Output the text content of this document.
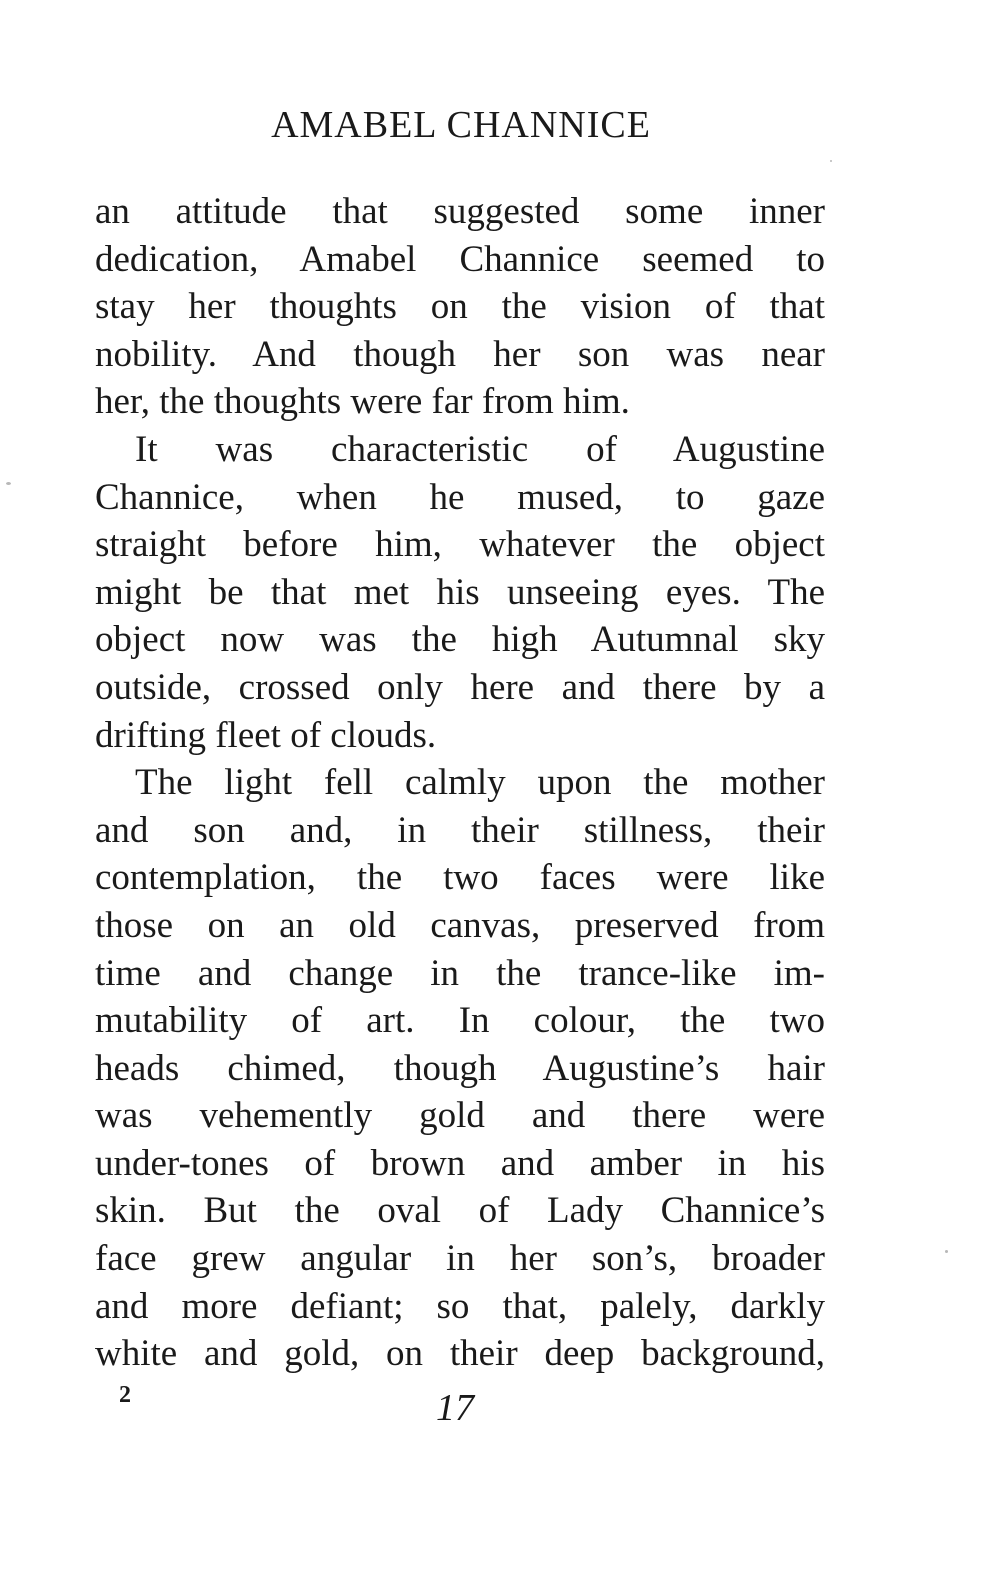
AMABEL CHANNICE
an attitude that suggested some inner
dedication, Amabel Channice seemed to
stay her thoughts on the vision of that
nobility. And though her son was near
her, the thoughts were far from him.
It was characteristic of Augustine
Channice, when he mused, to gaze
straight before him, whatever the object
might be that met his unseeing eyes. The
object now was the high Autumnal sky
outside, crossed only here and there by a
drifting fleet of clouds.
The light fell calmly upon the mother
and son and, in their stillness, their
contemplation, the two faces were like
those on an old canvas, preserved from
time and change in the trance-like im-
mutability of art. In colour, the two
heads chimed, though Augustine’s hair
was vehemently gold and there were
under-tones of brown and amber in his
skin. But the oval of Lady Channice’s
face grew angular in her son’s, broader
and more defiant; so that, palely, darkly
white and gold, on their deep background,
2	17
